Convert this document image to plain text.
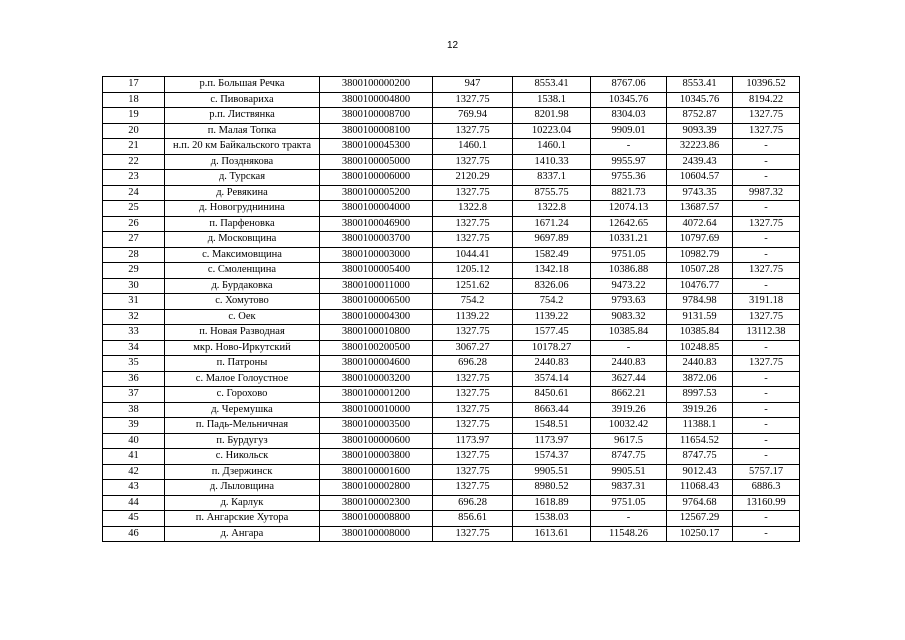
12
17	р.п. Большая Речка	3800100000200	947	8553.41	8767.06	8553.41	10396.52
18	с. Пивовариха	3800100004800	1327.75	1538.1	10345.76	10345.76	8194.22
19	р.п. Листвянка	3800100008700	769.94	8201.98	8304.03	8752.87	1327.75
20	п. Малая Топка	3800100008100	1327.75	10223.04	9909.01	9093.39	1327.75
21	н.п. 20 км Байкальского тракта	3800100045300	1460.1	1460.1	-	32223.86	-
22	д. Позднякова	3800100005000	1327.75	1410.33	9955.97	2439.43	-
23	д. Турская	3800100006000	2120.29	8337.1	9755.36	10604.57	-
24	д. Ревякина	3800100005200	1327.75	8755.75	8821.73	9743.35	9987.32
25	д. Новогруднинина	3800100004000	1322.8	1322.8	12074.13	13687.57	-
26	п. Парфеновка	3800100046900	1327.75	1671.24	12642.65	4072.64	1327.75
27	д. Московщина	3800100003700	1327.75	9697.89	10331.21	10797.69	-
28	с. Максимовщина	3800100003000	1044.41	1582.49	9751.05	10982.79	-
29	с. Смоленщина	3800100005400	1205.12	1342.18	10386.88	10507.28	1327.75
30	д. Бурдаковка	3800100011000	1251.62	8326.06	9473.22	10476.77	-
31	с. Хомутово	3800100006500	754.2	754.2	9793.63	9784.98	3191.18
32	с. Оек	3800100004300	1139.22	1139.22	9083.32	9131.59	1327.75
33	п. Новая Разводная	3800100010800	1327.75	1577.45	10385.84	10385.84	13112.38
34	мкр. Ново-Иркутский	3800100200500	3067.27	10178.27	-	10248.85	-
35	п. Патроны	3800100004600	696.28	2440.83	2440.83	2440.83	1327.75
36	с. Малое Голоустное	3800100003200	1327.75	3574.14	3627.44	3872.06	-
37	с. Горохово	3800100001200	1327.75	8450.61	8662.21	8997.53	-
38	д. Черемушка	3800100010000	1327.75	8663.44	3919.26	3919.26	-
39	п. Падь-Мельничная	3800100003500	1327.75	1548.51	10032.42	11388.1	-
40	п. Бурдугуз	3800100000600	1173.97	1173.97	9617.5	11654.52	-
41	с. Никольск	3800100003800	1327.75	1574.37	8747.75	8747.75	-
42	п. Дзержинск	3800100001600	1327.75	9905.51	9905.51	9012.43	5757.17
43	д. Лыловщина	3800100002800	1327.75	8980.52	9837.31	11068.43	6886.3
44	д. Карлук	3800100002300	696.28	1618.89	9751.05	9764.68	13160.99
45	п. Ангарские Хутора	3800100008800	856.61	1538.03	-	12567.29	-
46	д. Ангара	3800100008000	1327.75	1613.61	11548.26	10250.17	-
